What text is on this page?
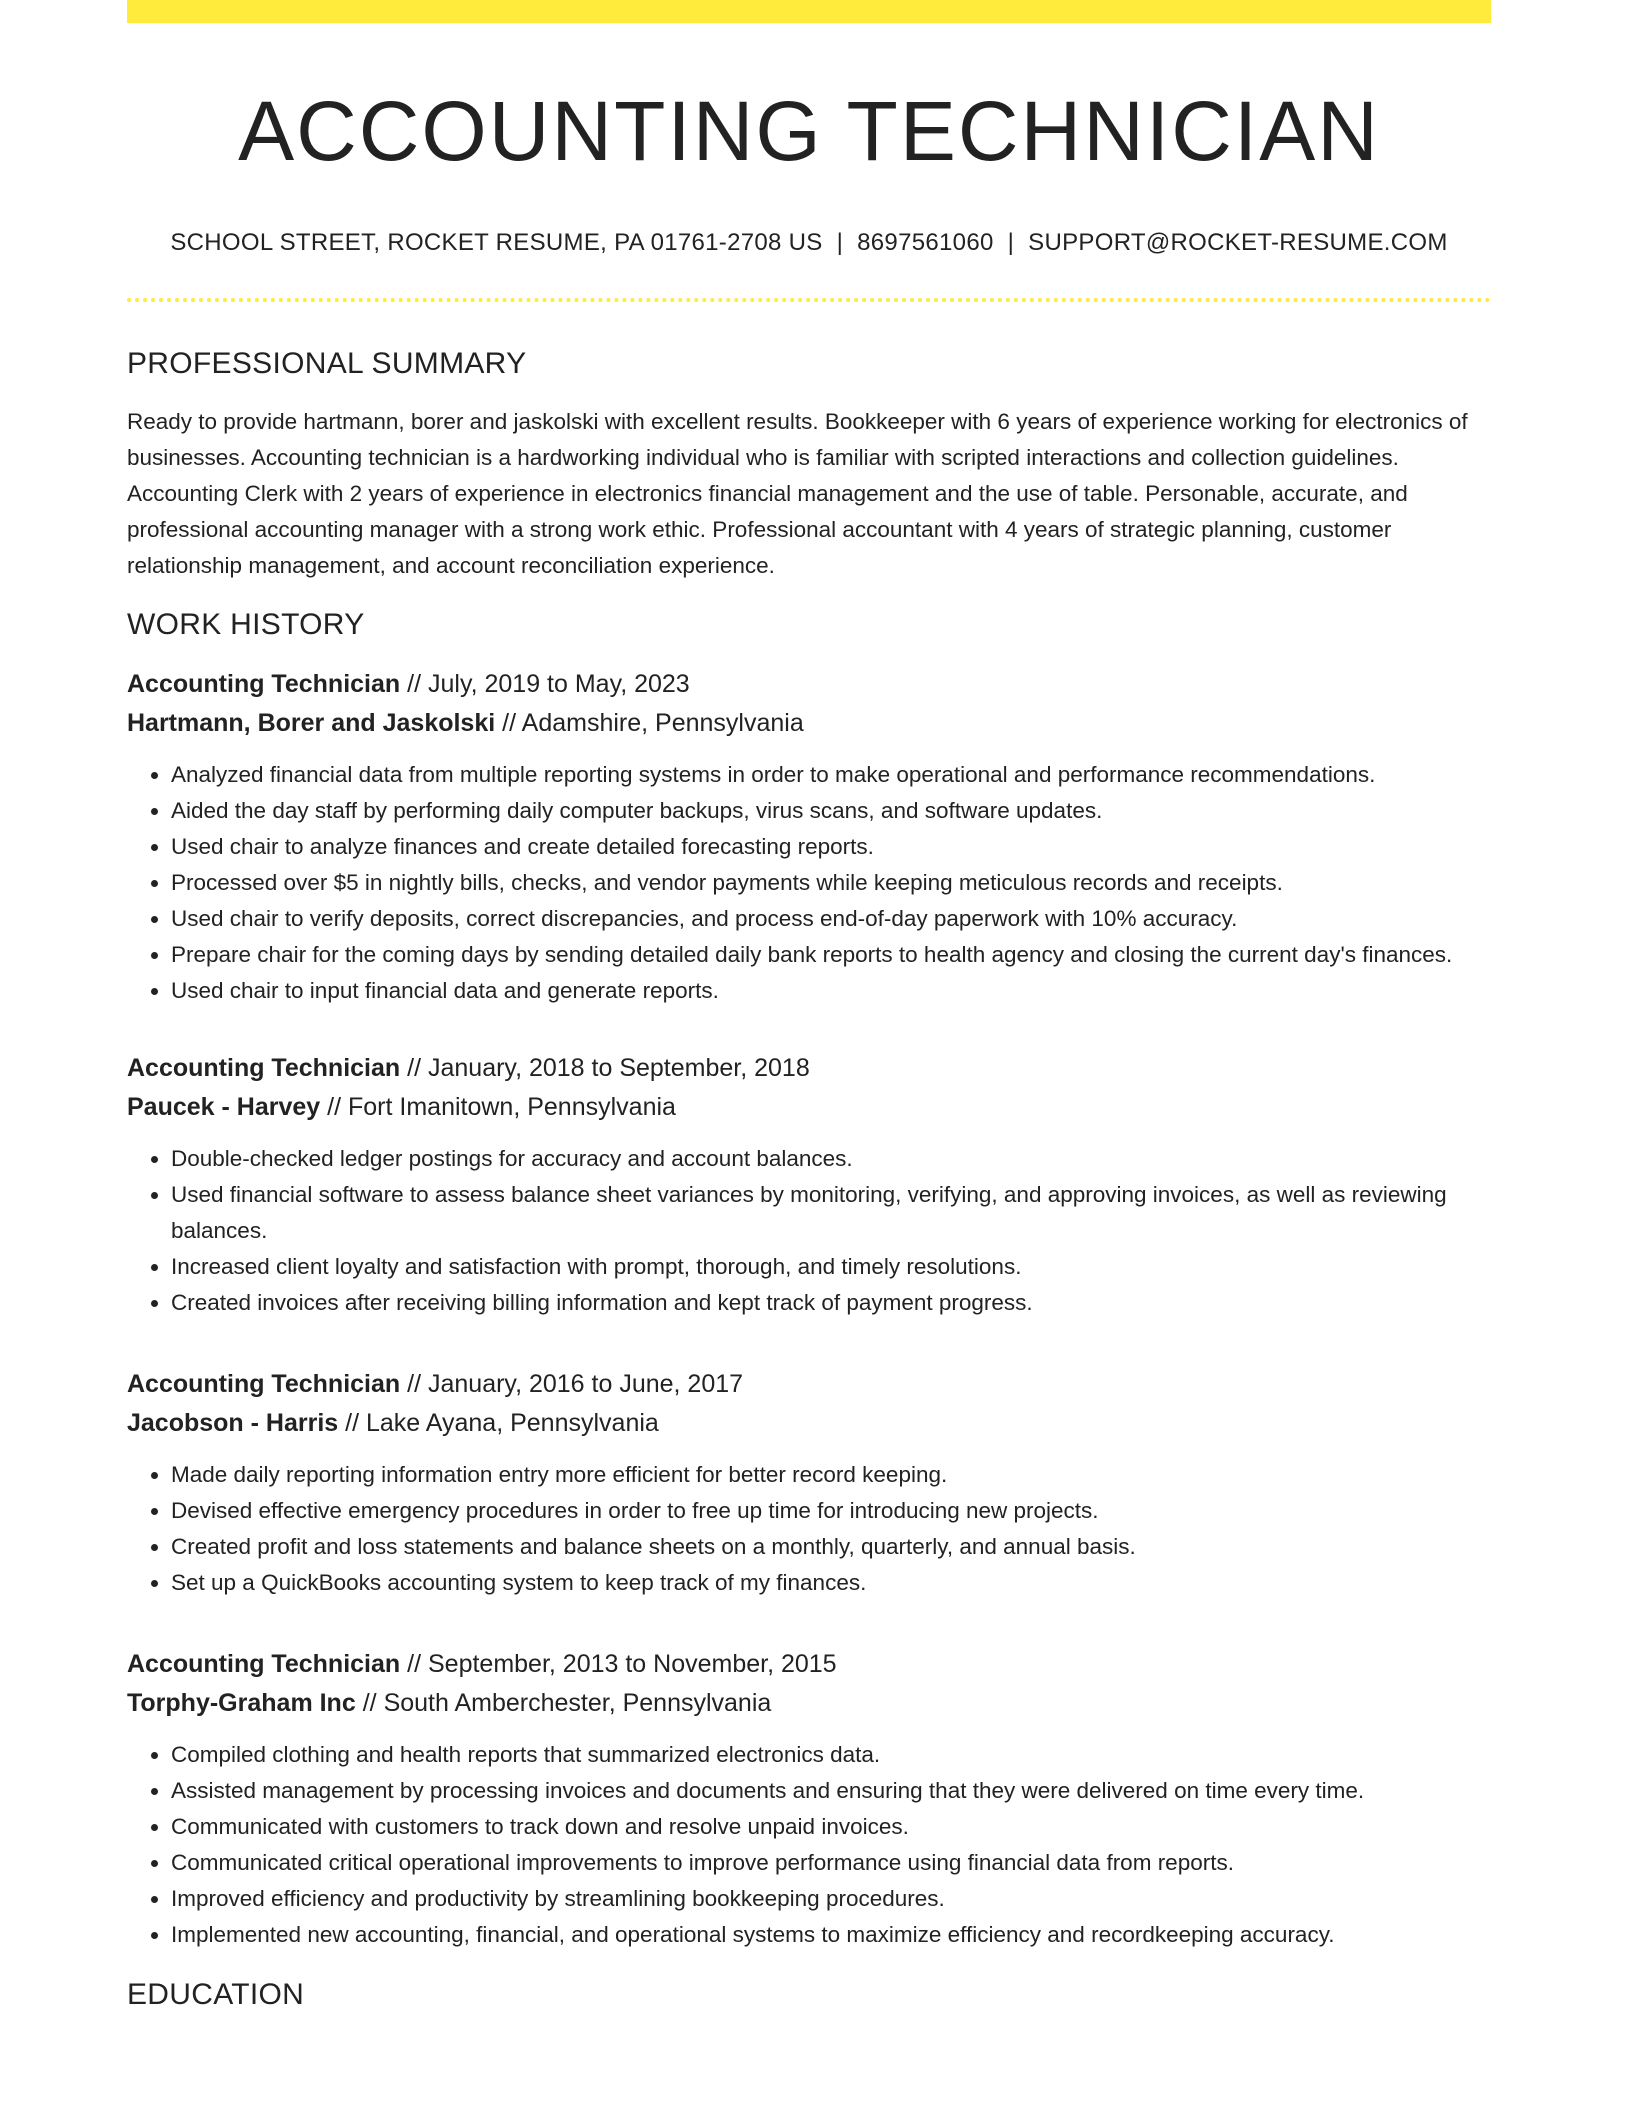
ACCOUNTING TECHNICIAN
SCHOOL STREET, ROCKET RESUME, PA 01761-2708 US | 8697561060 | SUPPORT@ROCKET-RESUME.COM
PROFESSIONAL SUMMARY

Ready to provide hartmann, borer and jaskolski with excellent results. Bookkeeper with 6 years of experience working for electronics of businesses. Accounting technician is a hardworking individual who is familiar with scripted interactions and collection guidelines. Accounting Clerk with 2 years of experience in electronics financial management and the use of table. Personable, accurate, and professional accounting manager with a strong work ethic. Professional accountant with 4 years of strategic planning, customer relationship management, and account reconciliation experience.

WORK HISTORY
Accounting Technician // July, 2019 to May, 2023
Hartmann, Borer and Jaskolski // Adamshire, Pennsylvania
• Analyzed financial data from multiple reporting systems in order to make operational and performance recommendations.
• Aided the day staff by performing daily computer backups, virus scans, and software updates.
• Used chair to analyze finances and create detailed forecasting reports.
• Processed over $5 in nightly bills, checks, and vendor payments while keeping meticulous records and receipts.
• Used chair to verify deposits, correct discrepancies, and process end-of-day paperwork with 10% accuracy.
• Prepare chair for the coming days by sending detailed daily bank reports to health agency and closing the current day's finances.
• Used chair to input financial data and generate reports.
Accounting Technician // January, 2018 to September, 2018
Paucek - Harvey // Fort Imanitown, Pennsylvania
• Double-checked ledger postings for accuracy and account balances.
• Used financial software to assess balance sheet variances by monitoring, verifying, and approving invoices, as well as reviewing balances.
• Increased client loyalty and satisfaction with prompt, thorough, and timely resolutions.
• Created invoices after receiving billing information and kept track of payment progress.
Accounting Technician // January, 2016 to June, 2017
Jacobson - Harris // Lake Ayana, Pennsylvania
• Made daily reporting information entry more efficient for better record keeping.
• Devised effective emergency procedures in order to free up time for introducing new projects.
• Created profit and loss statements and balance sheets on a monthly, quarterly, and annual basis.
• Set up a QuickBooks accounting system to keep track of my finances.
Accounting Technician // September, 2013 to November, 2015
Torphy-Graham Inc // South Amberchester, Pennsylvania
• Compiled clothing and health reports that summarized electronics data.
• Assisted management by processing invoices and documents and ensuring that they were delivered on time every time.
• Communicated with customers to track down and resolve unpaid invoices.
• Communicated critical operational improvements to improve performance using financial data from reports.
• Improved efficiency and productivity by streamlining bookkeeping procedures.
• Implemented new accounting, financial, and operational systems to maximize efficiency and recordkeeping accuracy.
EDUCATION
